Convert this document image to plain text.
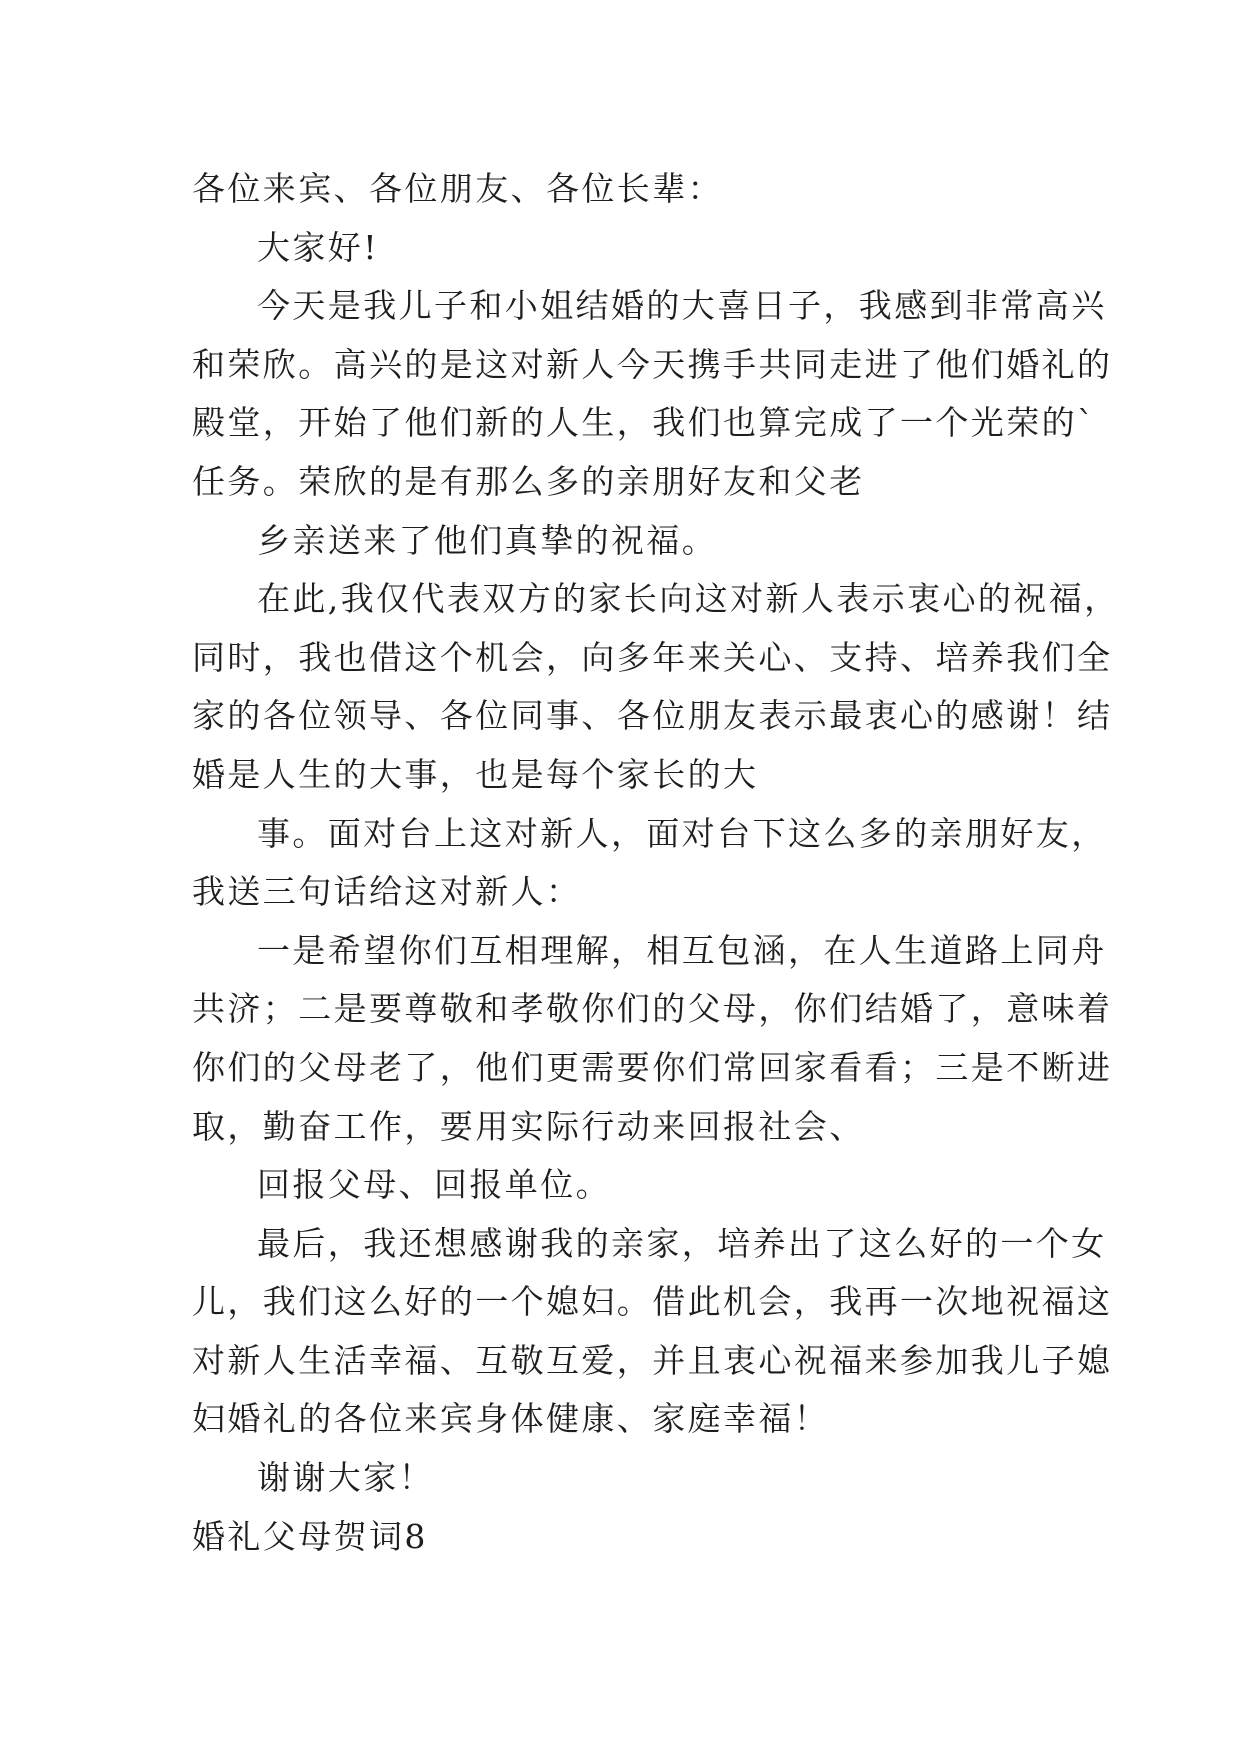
各位来宾、各位朋友、各位长辈：
大家好!
今天是我儿子和小姐结婚的大喜日子，我感到非常高兴
和荣欣。高兴的是这对新人今天携手共同走进了他们婚礼的
殿堂，开始了他们新的人生，我们也算完成了一个光荣的`
任务。荣欣的是有那么多的亲朋好友和父老
乡亲送来了他们真挚的祝福。
在此,我仅代表双方的家长向这对新人表示衷心的祝福，
同时，我也借这个机会，向多年来关心、支持、培养我们全
家的各位领导、各位同事、各位朋友表示最衷心的感谢！结
婚是人生的大事，也是每个家长的大
事。面对台上这对新人，面对台下这么多的亲朋好友，
我送三句话给这对新人：
一是希望你们互相理解，相互包涵，在人生道路上同舟
共济；二是要尊敬和孝敬你们的父母，你们结婚了，意味着
你们的父母老了，他们更需要你们常回家看看；三是不断进
取，勤奋工作，要用实际行动来回报社会、
回报父母、回报单位。
最后，我还想感谢我的亲家，培养出了这么好的一个女
儿，我们这么好的一个媳妇。借此机会，我再一次地祝福这
对新人生活幸福、互敬互爱，并且衷心祝福来参加我儿子媳
妇婚礼的各位来宾身体健康、家庭幸福！
谢谢大家！
婚礼父母贺词8
